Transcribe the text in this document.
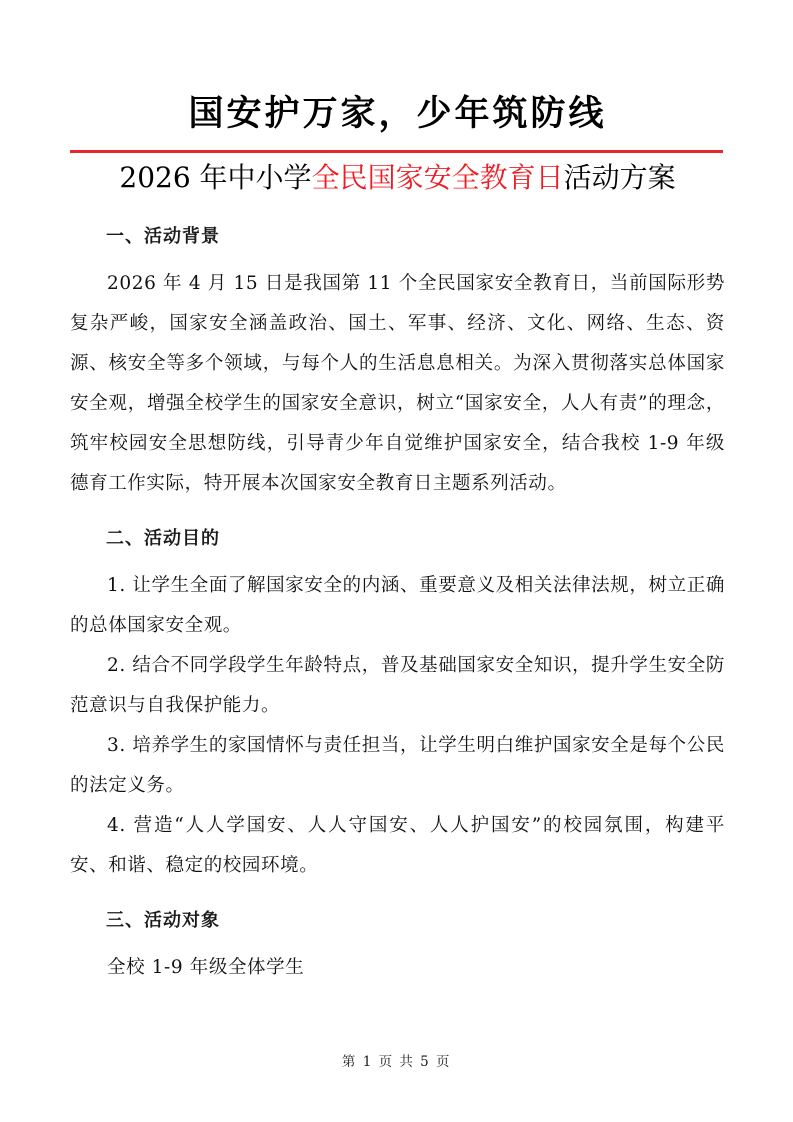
国安护万家，少年筑防线
2026 年中小学全民国家安全教育日活动方案
一、活动背景

2026 年 4 月 15 日是我国第 11 个全民国家安全教育日，当前国际形势复杂严峻，国家安全涵盖政治、国土、军事、经济、文化、网络、生态、资源、核安全等多个领域，与每个人的生活息息相关。为深入贯彻落实总体国家安全观，增强全校学生的国家安全意识，树立“国家安全，人人有责”的理念，筑牢校园安全思想防线，引导青少年自觉维护国家安全，结合我校 1-9 年级德育工作实际，特开展本次国家安全教育日主题系列活动。

二、活动目的

1. 让学生全面了解国家安全的内涵、重要意义及相关法律法规，树立正确的总体国家安全观。

2. 结合不同学段学生年龄特点，普及基础国家安全知识，提升学生安全防范意识与自我保护能力。

3. 培养学生的家国情怀与责任担当，让学生明白维护国家安全是每个公民的法定义务。

4. 营造“人人学国安、人人守国安、人人护国安”的校园氛围，构建平安、和谐、稳定的校园环境。

三、活动对象

全校 1-9 年级全体学生

第 1 页 共 5 页
